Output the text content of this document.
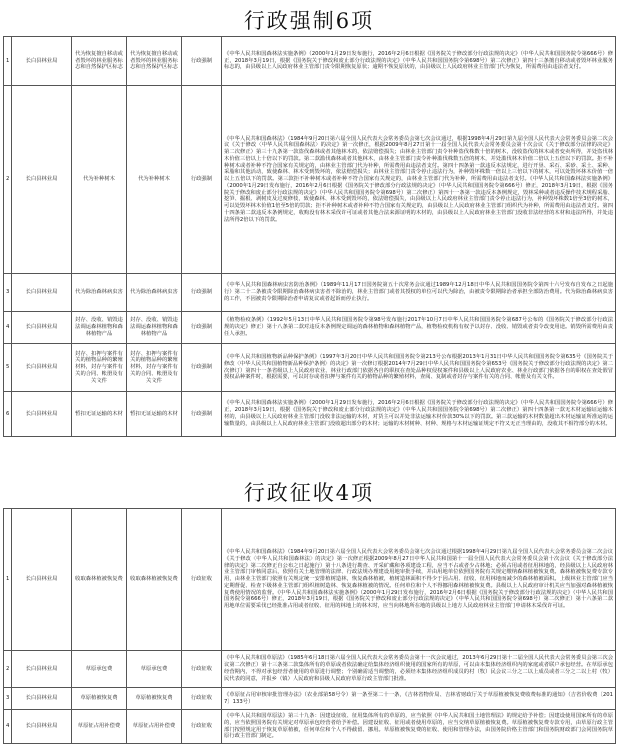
行政强制6项
1	长白县林业局	代为恢复擅自移动或者毁坏的林业服务标志和自然保护区标志	代为恢复擅自移动或者毁坏的林业服务标志和自然保护区标志	行政强制	《中华人民共和国森林法实施条例》（2000年1月29日发布施行，2016年2月6日根据《国务院关于修改部分行政法规的决定》（中华人民共和国国务院令第666号）修正，2018年3月19日，根据《国务院关于修改和废止部分行政法规的决定》（中华人民共和国国务院令第698号）第二次修正）第四十三条擅自移动或者毁坏林业服务标志的，由县级以上人民政府林业主管部门责令限期恢复原状；逾期不恢复原状的，由县级以上人民政府林业主管部门代为恢复，所需费用由违法者支付。

2	长白县林业局	代为补种树木	代为补种树木	行政强制	《中华人民共和国森林法》（1984年9月20日第六届全国人民代表大会常务委员会第七次会议通过，根据1998年4月29日第九届全国人民代表大会常务委员会第二次会议《关于修改〈中华人民共和国森林法〉的决定》第一次修正，根据2009年8月27日第十一届全国人民代表大会常务委员会第十次会议《关于修改部分法律的决定》第二次修正）第三十九条第一款盗伐森林或者其他林木的，依法赔偿损失；由林业主管部门责令补种盗伐株数十倍的树木，没收盗伐的林木或者变卖所得，并处盗伐林木价值三倍以上十倍以下的罚款。第二款滥伐森林或者其他林木，由林业主管部门责令补种滥伐株数五倍的树木，并处滥伐林木价值二倍以上五倍以下的罚款。拒不补种树木或者补种不符合国家有关规定的，由林业主管部门代为补种，所需费用由违法者支付。第四十四条第一款违反本法规定，进行开垦、采石、采砂、采土、采种、采脂和其他活动，致使森林、林木受到毁坏的，依法赔偿损失；由林业主管部门责令停止违法行为，补种毁坏株数一倍以上三倍以下的树木，可以处毁坏林木价值一倍以上五倍以下的罚款。第三款拒不补种树木或者补种不符合国家有关规定的，由林业主管部门代为补种，所需费用由违法者支付。《中华人民共和国森林法实施条例》（2000年1月29日发布施行，2016年2月6日根据《国务院关于修改部分行政法规的决定》（中华人民共和国国务院令第666号）修正，2018年3月19日，根据《国务院关于修改和废止部分行政法规的决定》（中华人民共和国国务院令第698号）第二次修正）第四十一条第一款违反本条例规定，毁林采种或者违反操作技术规程采脂、挖笋、掘根、剥树皮及过度修枝，致使森林、林木受到毁坏的，依法赔偿损失，由县级以上人民政府林业主管部门责令停止违法行为，补种毁坏株数1倍至3倍的树木，可以处毁坏林木价值1倍至5倍的罚款；拒不补种树木或者补种不符合国家有关规定的，由县级以上人民政府林业主管部门组织代为补种，所需费用由违法者支付。第四十四条第二款违反本条例规定，收购没有林木采伐许可证或者其他合法来源证明的木材的，由县级以上人民政府林业主管部门没收非法经营的木材和违法所得，并处违法所得2倍以下的罚款。

3	长白县林业局	代为除治森林病虫害	代为除治森林病虫害	行政强制	《中华人民共和国森林病虫害防治条例》（1989年11月17日国务院第五十次常务会议通过1989年12月18日中华人民共和国国务院令第四十六号发布自发布之日起施行）第二十二条被责令限期除治森林病虫害者不除治的，林业主管部门或者其授权的单位可以代为除治，由被责令限期除治者承担全部防治费用。代为除治森林病虫害的工作，不因被责令限期除治者申请复议或者起诉而停止执行。

4	长白县林业局	封存、没收、销毁违法调运森林植物和森林植物产品	封存、没收、销毁违法调运森林植物和森林植物产品	行政强制	《植物检疫条例》（1992年5月13日中华人民共和国国务院令第98号发布施行2017年10月7日中华人民共和国国务院令第687号公布的《国务院关于修改部分行政法规的决定》修正）第十八条第二款对违反本条例规定调运的森林植物和森林植物产品，植物检疫机构有权予以封存、没收、销毁或者责令改变用途。销毁所需费用由责任人承担。

5	长白县林业局	封存、扣押与案件有关的植物品种的繁殖材料，封存与案件有关的合同、帐册及有关文件	封存、扣押与案件有关的植物品种的繁殖材料，封存与案件有关的合同、帐册及有关文件	行政强制	《中华人民共和国植物新品种保护条例》（1997年3月20日中华人民共和国国务院令第213号公布根据2013年1月31日中华人民共和国国务院令第635号《国务院关于修改〈中华人民共和国植物新品种保护条例〉的决定》第一次修订根据2014年7月29日中华人民共和国国务院令第653号《国务院关于修改部分行政法规的决定》第二次修订）第四十一条省级以上人民政府农业、林业行政部门依据各自的职权在查处品种权侵权案件和县级以上人民政府农业、林业行政部门依据各自的职权在查处假冒授权品种案件时，根据需要，可以封存或者扣押与案件有关的植物品种的繁殖材料，查阅、复制或者封存与案件有关的合同、帐册及有关文件。

6	长白县林业局	暂扣无证运输的木材	暂扣无证运输的木材	行政强制	《中华人民共和国森林法实施条例》（2000年1月29日发布施行，2016年2月6日根据《国务院关于修改部分行政法规的决定》（中华人民共和国国务院令第666号）修正，2018年3月19日，根据《国务院关于修改和废止部分行政法规的决定》（中华人民共和国国务院令第698号）第二次修正）第四十四条第一款无木材运输证运输木材的，由县级以上人民政府林业主管部门没收非法运输的木材，对货主可以并处非法运输木材价款30%以下的罚款。第三款运输的木材数量超出木材运输证所准运的运输数量的，由县级以上人民政府林业主管部门没收超出部分的木材；运输的木材树种、材种、规格与木材运输证规定不符又无正当理由的，没收其不相符部分的木材。
行政征收4项
1	长白县林业局	收取森林植被恢复费	收取森林植被恢复费	行政征收	《中华人民共和国森林法》（1984年9月20日第六届全国人民代表大会常务委员会第七次会议通过根据1998年4月29日第九届全国人民代表大会常务委员会第二次会议《关于修改〈中华人民共和国森林法〉的决定》第一次修正根据2009年8月27日中华人民共和国第十一届全国人民代表大会常务委员会第十次会议《关于修改部分法律的决定》第二次修正自公布之日起施行）第十八条进行勘查、开采矿藏和各项建设工程，应当不占或者少占林地；必须占用或者征用林地的，经县级以上人民政府林业主管部门审核同意后，依照有关土地管理的法律、行政法规办理建设用地审批手续，并由用地单位依照国务院有关规定缴纳森林植被恢复费。森林植被恢复费专款专用，由林业主管部门依照有关规定统一安排植树造林，恢复森林植被，植树造林面积不得少于因占用、征收、征用林地而减少的森林植被面积。上级林业主管部门应当定期督促、检查下级林业主管部门组织植树造林、恢复森林植被的情况。任何单位和个人不得挪用森林植被恢复费。县级以上人民政府审计机关应当加强对森林植被恢复费使用情况的监督。《中华人民共和国森林法实施条例》（2000年1月29日发布施行，2016年2月6日根据《国务院关于修改部分行政法规的决定》（中华人民共和国国务院令第666号）修正，2018年3月19日，根据《国务院关于修改和废止部分行政法规的决定》（中华人民共和国国务院令第698号）第二次修正）第十六条第二款用地单位需要采伐已经批准占用或者征收、征用的林地上的林木时，应当向林地所在地的县级以上地方人民政府林业主管部门申请林木采伐许可证。

2	长白县林业局	草原承包费	草原承包费	行政征收	《中华人民共和国草原法》（1985年6月18日第六届全国人民代表大会常务委员会第十一次会议通过，2013年6月29日第十二届全国人民代表大会常务委员会第三次会议第二次修正）第十三条第二款集体所有的草原或者依法确定给集体经济组织使用的国家所有的草原，可以由本集体经济组织内的家庭或者联户承包经营。在草原承包经营期内，不得对承包经营者使用的草原进行调整；个别确需适当调整的，必须经本集体经济组织成员的村（牧）民会议三分之二以上成员或者三分之二以上村（牧）民代表的同意，并报乡（镇）人民政府和县级人民政府草原行政主管部门批准。

3	长白县林业局	草原植被恢复费	草原植被恢复费	行政征收	《草原征占用审核审批管理办法》（农业部第58号令）第一条至第二十一条，《吉林省物价局、吉林省财政厅关于草原植被恢复费收费标准的通知》（吉省价收费〔2017〕133号）

4	长白县林业局	草原征占用补偿费	草原征占用补偿费	行政征收	《中华人民共和国草原法》第三十九条：因建设征收、征用集体所有的草原的，应当依照《中华人民共和国土地管理法》的规定给予补偿；因建设使用国家所有的草原的，应当依照国务院有关规定对草原承包经营者给予补偿。因建设征收、征用或者使用草原的，应当交纳草原植被恢复费。草原植被恢复费专款专用，由草原行政主管部门按照规定用于恢复草原植被，任何单位和个人不得截留、挪用。草原植被恢复费的征收、使用和管理办法，由国务院价格主管部门和国务院财政部门会同国务院草原行政主管部门制定。
